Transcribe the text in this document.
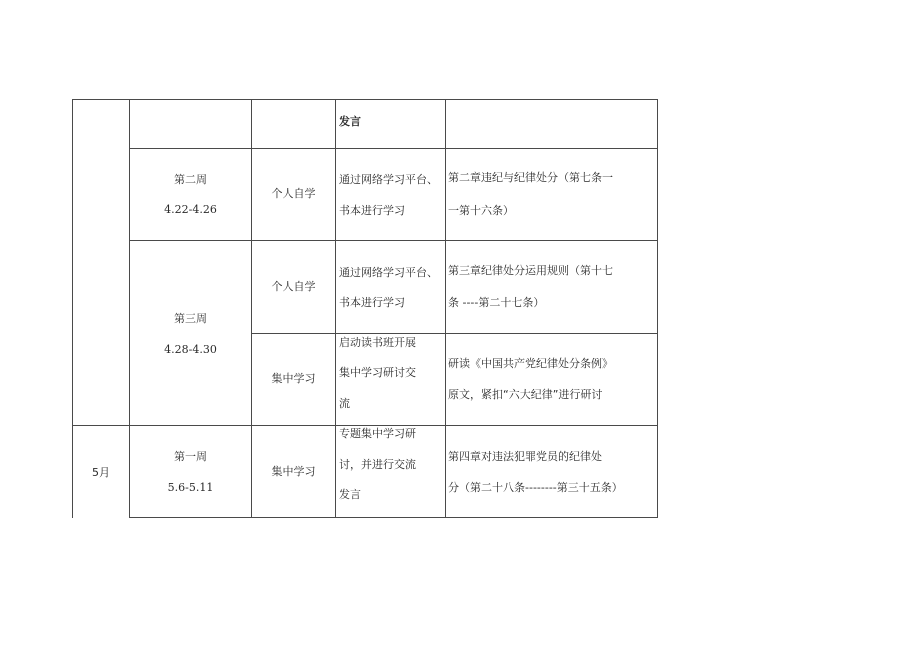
发言
第二周
4.22-4.26
个人自学
通过网络学习平台、
书本进行学习
第二章违纪与纪律处分（第七条一
一第十六条）
第三周
4.28-4.30
个人自学
通过网络学习平台、
书本进行学习
第三章纪律处分运用规则（第十七
条 ----第二十七条）
集中学习
启动读书班开展
集中学习研讨交
流
研读《中国共产党纪律处分条例》
原文，紧扣“六大纪律”进行研讨
5月
第一周
5.6-5.11
集中学习
专题集中学习研
讨，并进行交流
发言
第四章对违法犯罪党员的纪律处
分（第二十八条--------第三十五条）
